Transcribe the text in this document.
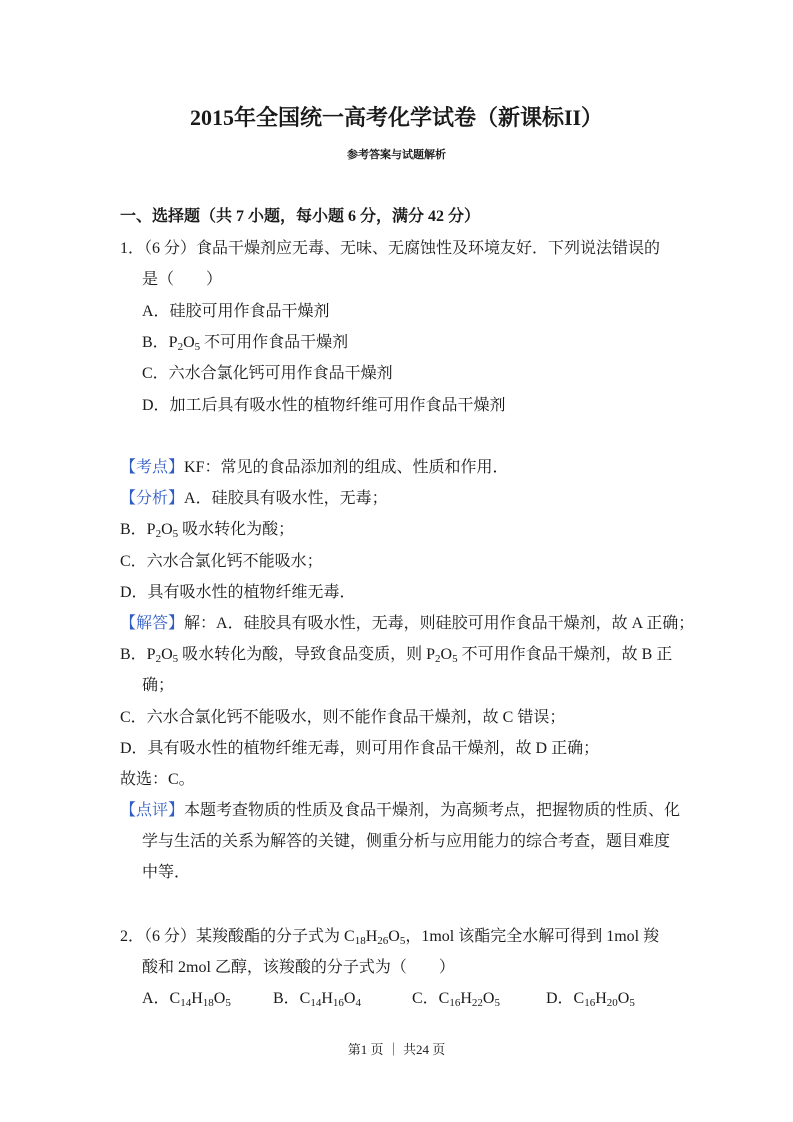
2015年全国统一高考化学试卷（新课标II）
参考答案与试题解析
一、选择题（共 7 小题，每小题 6 分，满分 42 分）
1．（6 分）食品干燥剂应无毒、无味、无腐蚀性及环境友好．下列说法错误的
是（　　）
A．硅胶可用作食品干燥剂
B．$P_2O_5$ 不可用作食品干燥剂
C．六水合氯化钙可用作食品干燥剂
D．加工后具有吸水性的植物纤维可用作食品干燥剂
【考点】KF：常见的食品添加剂的组成、性质和作用．
【分析】A．硅胶具有吸水性，无毒；
B．$P_2O_5$ 吸水转化为酸；
C．六水合氯化钙不能吸水；
D．具有吸水性的植物纤维无毒．
【解答】解：A．硅胶具有吸水性，无毒，则硅胶可用作食品干燥剂，故 A 正确；
B．$P_2O_5$ 吸水转化为酸，导致食品变质，则 $P_2O_5$ 不可用作食品干燥剂，故 B 正
确；
C．六水合氯化钙不能吸水，则不能作食品干燥剂，故 C 错误；
D．具有吸水性的植物纤维无毒，则可用作食品干燥剂，故 D 正确；
故选：C。
【点评】本题考查物质的性质及食品干燥剂，为高频考点，把握物质的性质、化
学与生活的关系为解答的关键，侧重分析与应用能力的综合考查，题目难度
中等．
2．（6 分）某羧酸酯的分子式为 $C_{18}H_{26}O_5$，1mol 该酯完全水解可得到 1mol 羧
酸和 2mol 乙醇，该羧酸的分子式为（　　）
A．$C_{14}H_{18}O_5$	B．$C_{14}H_{16}O_4$	C．$C_{16}H_{22}O_5$	D．$C_{16}H_{20}O_5$
第1 页 ｜ 共24 页
